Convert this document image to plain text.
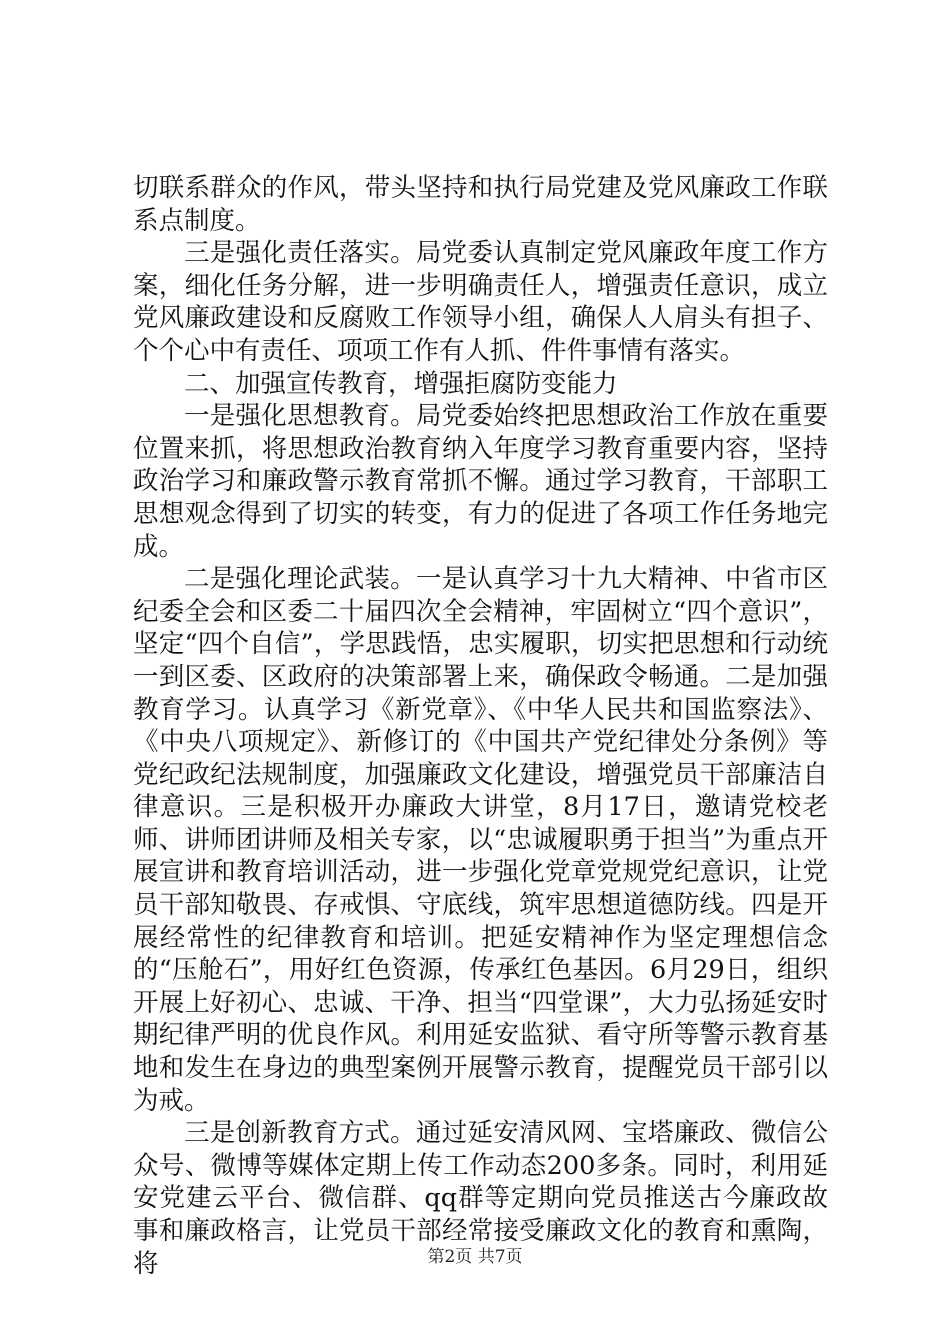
切联系群众的作风，带头坚持和执行局党建及党风廉政工作联系点制度。

三是强化责任落实。局党委认真制定党风廉政年度工作方案，细化任务分解，进一步明确责任人，增强责任意识，成立党风廉政建设和反腐败工作领导小组，确保人人肩头有担子、个个心中有责任、项项工作有人抓、件件事情有落实。

二、加强宣传教育，增强拒腐防变能力

一是强化思想教育。局党委始终把思想政治工作放在重要位置来抓，将思想政治教育纳入年度学习教育重要内容，坚持政治学习和廉政警示教育常抓不懈。通过学习教育，干部职工思想观念得到了切实的转变，有力的促进了各项工作任务地完成。

二是强化理论武装。一是认真学习十九大精神、中省市区纪委全会和区委二十届四次全会精神，牢固树立“四个意识”，坚定“四个自信”，学思践悟，忠实履职，切实把思想和行动统一到区委、区政府的决策部署上来，确保政令畅通。二是加强教育学习。认真学习《新党章》、《中华人民共和国监察法》、《中央八项规定》、新修订的《中国共产党纪律处分条例》等党纪政纪法规制度，加强廉政文化建设，增强党员干部廉洁自律意识。三是积极开办廉政大讲堂，8月17日，邀请党校老师、讲师团讲师及相关专家，以“忠诚履职勇于担当”为重点开展宣讲和教育培训活动，进一步强化党章党规党纪意识，让党员干部知敬畏、存戒惧、守底线，筑牢思想道德防线。四是开展经常性的纪律教育和培训。把延安精神作为坚定理想信念的“压舱石”，用好红色资源，传承红色基因。6月29日，组织开展上好初心、忠诚、干净、担当“四堂课”，大力弘扬延安时期纪律严明的优良作风。利用延安监狱、看守所等警示教育基地和发生在身边的典型案例开展警示教育，提醒党员干部引以为戒。

三是创新教育方式。通过延安清风网、宝塔廉政、微信公众号、微博等媒体定期上传工作动态200多条。同时，利用延安党建云平台、微信群、qq群等定期向党员推送古今廉政故事和廉政格言，让党员干部经常接受廉政文化的教育和熏陶，将	第2页 共7页
